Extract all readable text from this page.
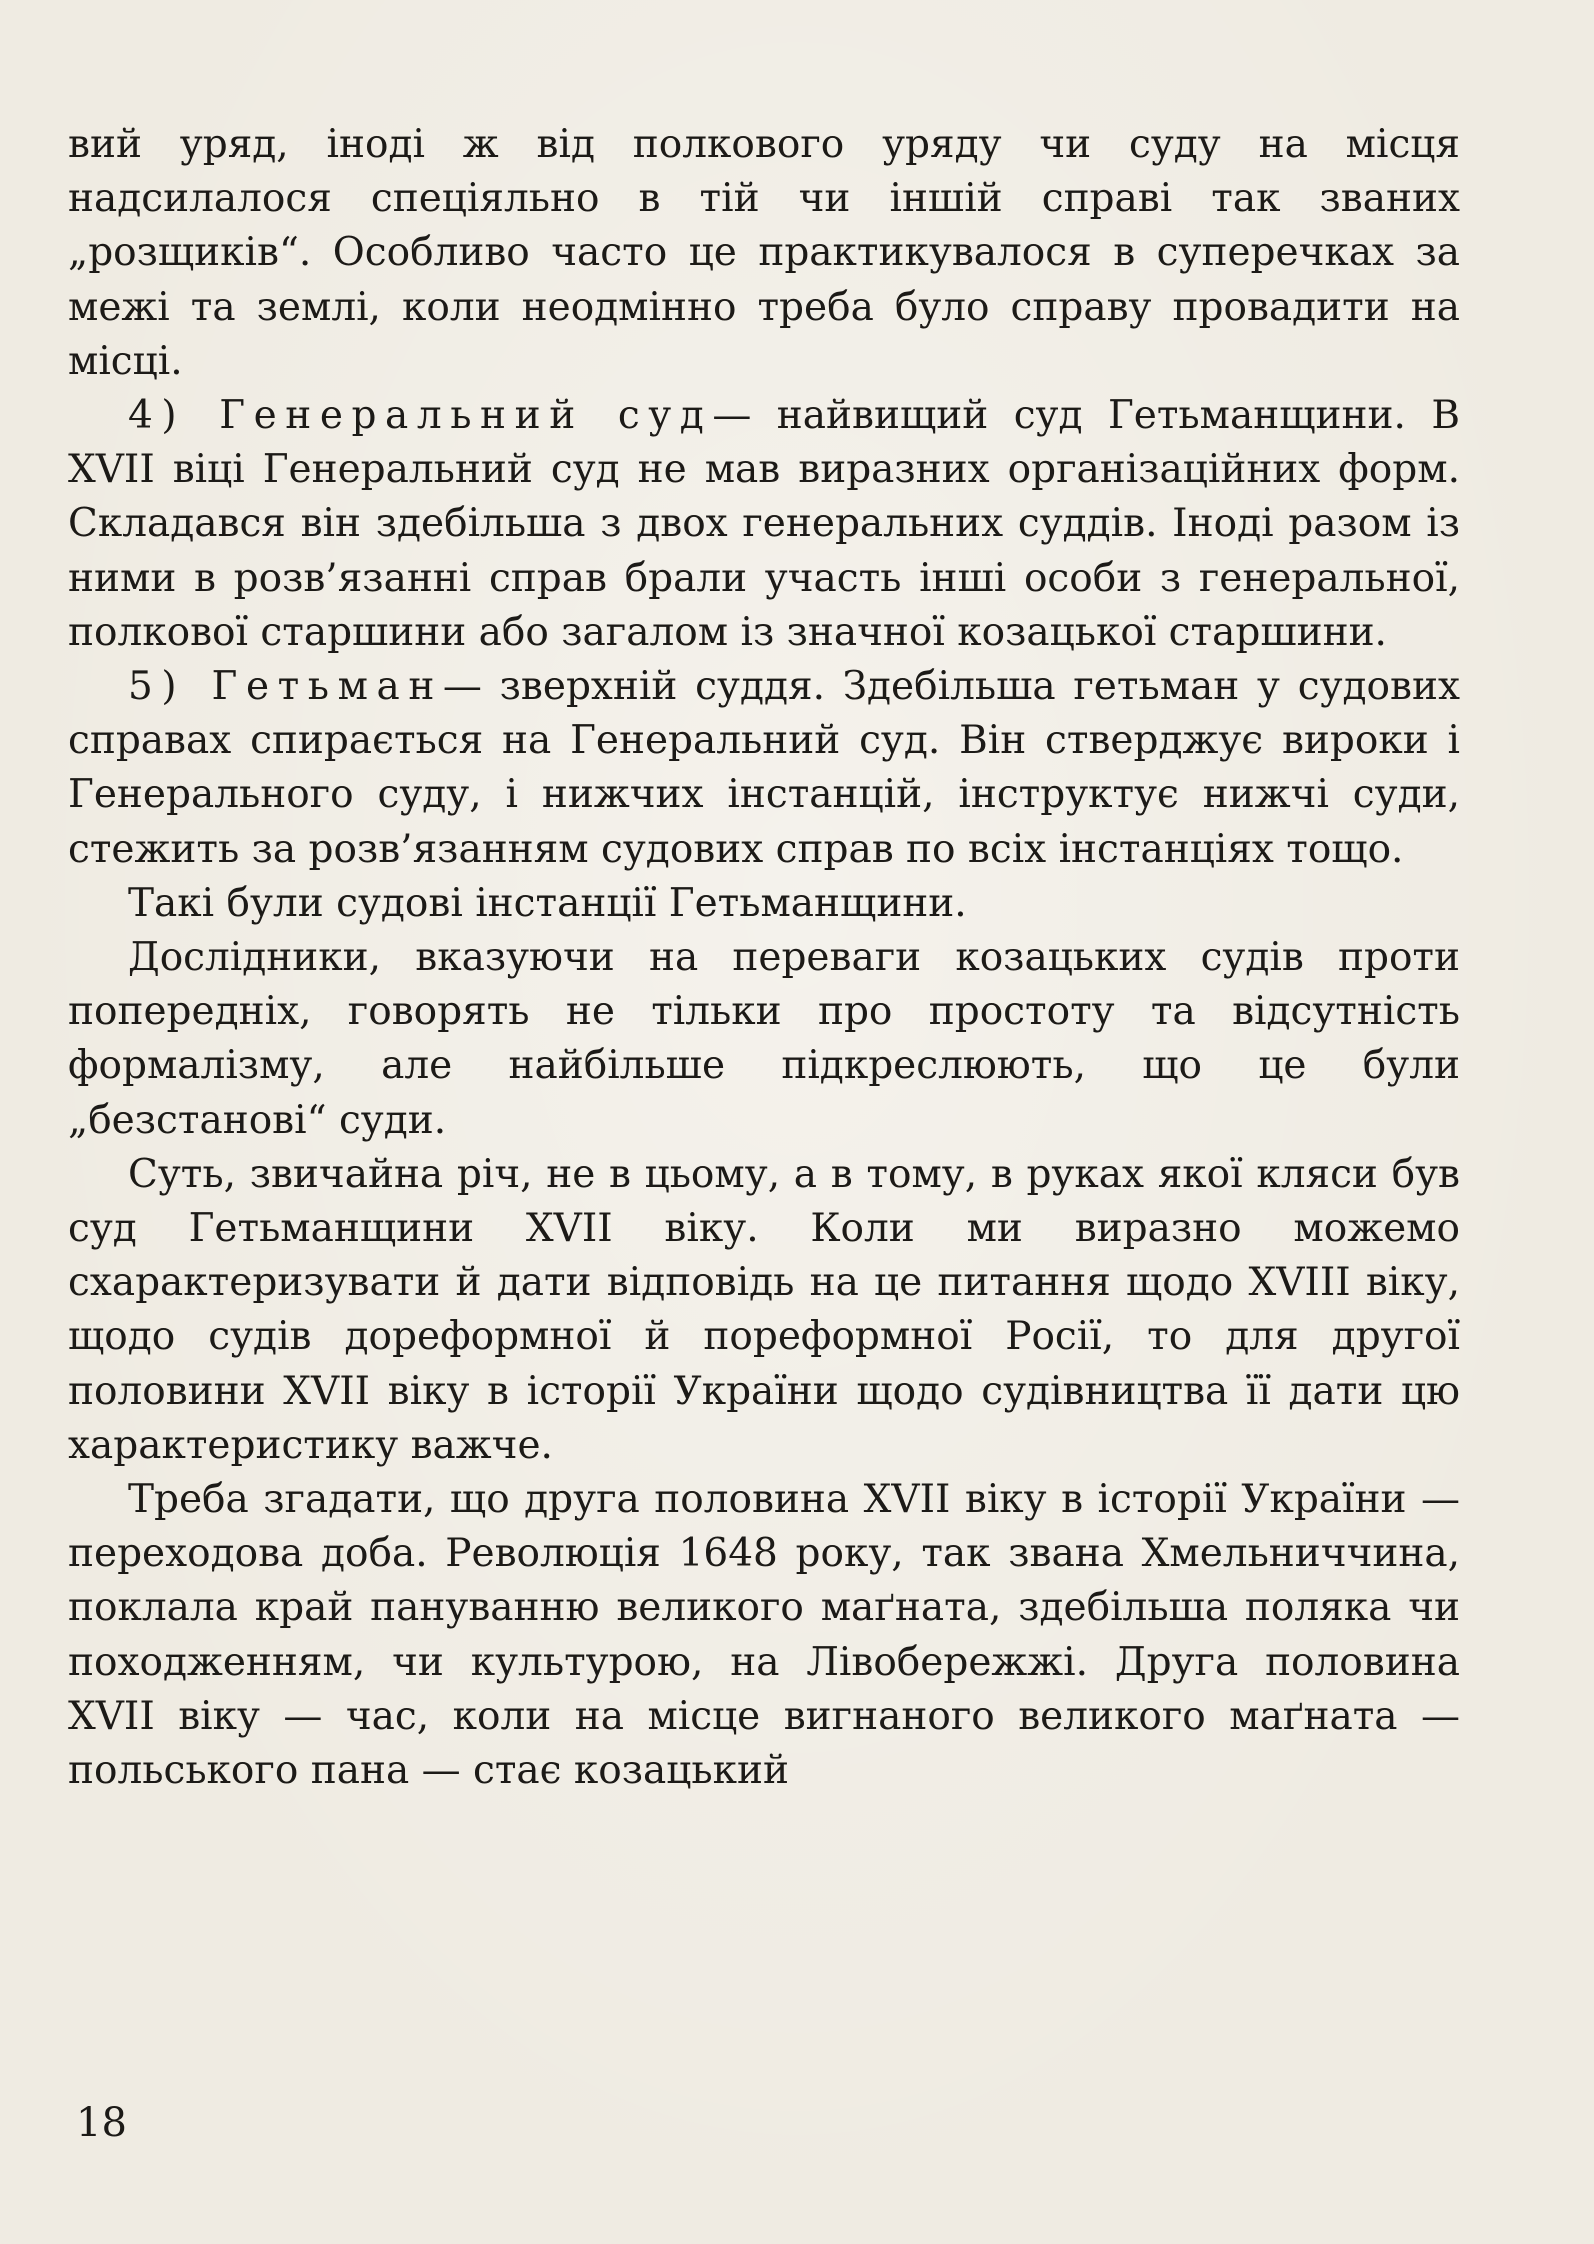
вий уряд, іноді ж від полкового уряду чи суду на місця надсилалося спеціяльно в тій чи іншій справі так званих „розщиків“. Особливо часто це практикувалося в суперечках за межі та землі, коли неодмінно треба було справу провадити на місці.

4) Генеральний суд— найвищий суд Гетьманщини. В XVII віці Генеральний суд не мав виразних організаційних форм. Складався він здебільша з двох генеральних суддів. Іноді разом із ними в розв’язанні справ брали участь інші особи з генеральної, полкової старшини або загалом із значної козацької старшини.

5) Гетьман— зверхній суддя. Здебільша гетьман у судових справах спирається на Генеральний суд. Він стверджує вироки і Генерального суду, і нижчих інстанцій, інструктує нижчі суди, стежить за розв’язанням судових справ по всіх інстанціях тощо.

Такі були судові інстанції Гетьманщини.

Дослідники, вказуючи на переваги козацьких судів проти попередніх, говорять не тільки про простоту та відсутність формалізму, але найбільше підкреслюють, що це були „безстанові“ суди.

Суть, звичайна річ, не в цьому, а в тому, в руках якої кляси був суд Гетьманщини XVII віку. Коли ми виразно можемо схарактеризувати й дати відповідь на це питання щодо XVIII віку, щодо судів дореформної й пореформної Росії, то для другої половини XVII віку в історії України щодо судівництва її дати цю характеристику важче.

Треба згадати, що друга половина XVII віку в історії України — переходова доба. Революція 1648 року, так звана Хмельниччина, поклала край пануванню великого маґната, здебільша поляка чи походженням, чи культурою, на Лівобережжі. Друга половина XVII віку — час, коли на місце вигнаного великого маґната — польського пана — стає козацький

18
